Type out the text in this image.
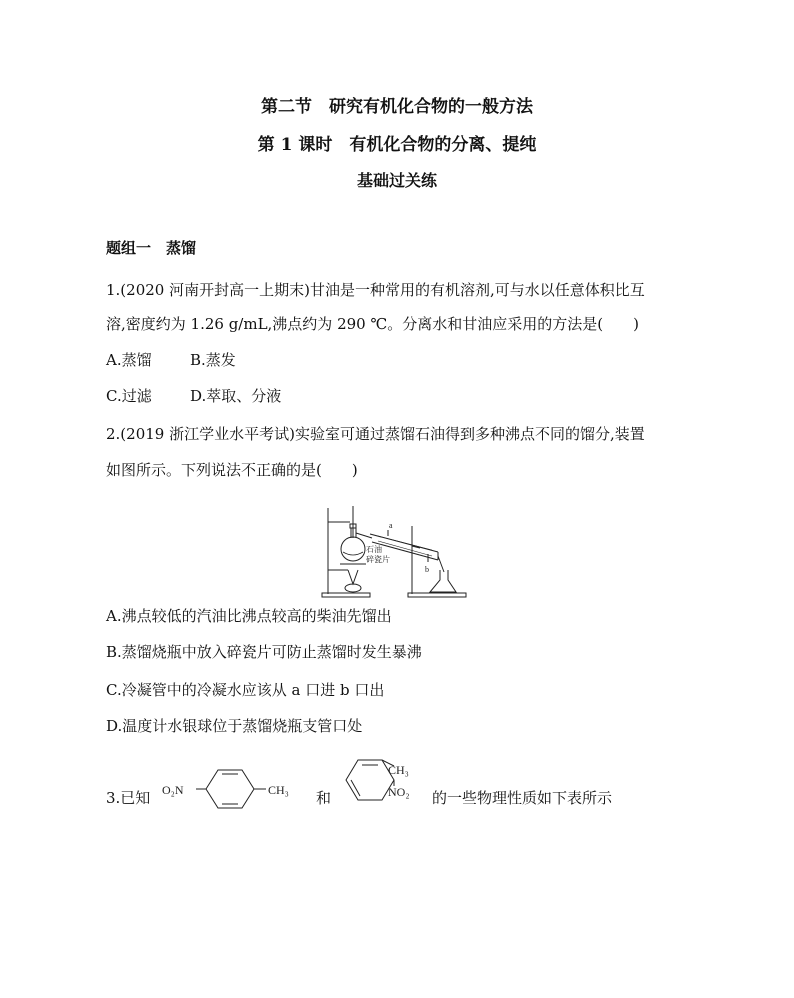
第二节　研究有机化合物的一般方法
第 1 课时　有机化合物的分离、提纯
基础过关练
题组一　蒸馏
1.(2020 河南开封高一上期末)甘油是一种常用的有机溶剂,可与水以任意体积比互
溶,密度约为 1.26 g/mL,沸点约为 290 ℃。分离水和甘油应采用的方法是(　　)
A.蒸馏	B.蒸发
C.过滤	D.萃取、分液
2.(2019 浙江学业水平考试)实验室可通过蒸馏石油得到多种沸点不同的馏分,装置
如图所示。下列说法不正确的是(　　)
a
b
石油
碎瓷片
A.沸点较低的汽油比沸点较高的柴油先馏出
B.蒸馏烧瓶中放入碎瓷片可防止蒸馏时发生暴沸
C.冷凝管中的冷凝水应该从 a 口进 b 口出
D.温度计水银球位于蒸馏烧瓶支管口处
3.已知 O₂N	CH₃ 和
CH₃
NO₂ 的一些物理性质如下表所示
